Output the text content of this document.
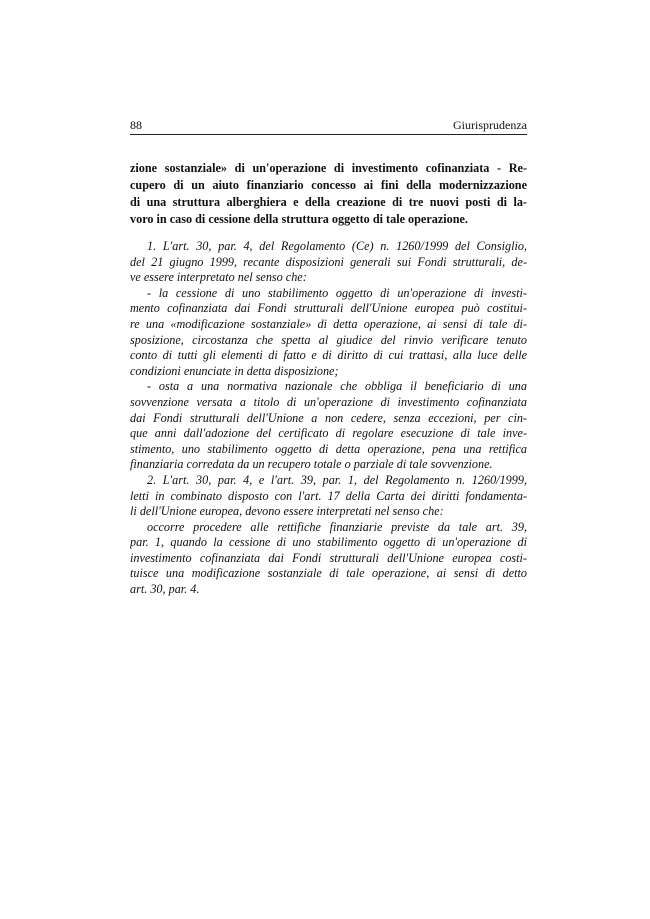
88	Giurisprudenza
zione sostanziale» di un'operazione di investimento cofinanziata - Re-
cupero di un aiuto finanziario concesso ai fini della modernizzazione
di una struttura alberghiera e della creazione di tre nuovi posti di la-
voro in caso di cessione della struttura oggetto di tale operazione.
1. L'art. 30, par. 4, del Regolamento (Ce) n. 1260/1999 del Consiglio,
del 21 giugno 1999, recante disposizioni generali sui Fondi strutturali, de-
ve essere interpretato nel senso che:
- la cessione di uno stabilimento oggetto di un'operazione di investi-
mento cofinanziata dai Fondi strutturali dell'Unione europea può costitui-
re una «modificazione sostanziale» di detta operazione, ai sensi di tale di-
sposizione, circostanza che spetta al giudice del rinvio verificare tenuto
conto di tutti gli elementi di fatto e di diritto di cui trattasi, alla luce delle
condizioni enunciate in detta disposizione;
- osta a una normativa nazionale che obbliga il beneficiario di una
sovvenzione versata a titolo di un'operazione di investimento cofinanziata
dai Fondi strutturali dell'Unione a non cedere, senza eccezioni, per cin-
que anni dall'adozione del certificato di regolare esecuzione di tale inve-
stimento, uno stabilimento oggetto di detta operazione, pena una rettifica
finanziaria corredata da un recupero totale o parziale di tale sovvenzione.
2. L'art. 30, par. 4, e l'art. 39, par. 1, del Regolamento n. 1260/1999,
letti in combinato disposto con l'art. 17 della Carta dei diritti fondamenta-
li dell'Unione europea, devono essere interpretati nel senso che:
occorre procedere alle rettifiche finanziarie previste da tale art. 39,
par. 1, quando la cessione di uno stabilimento oggetto di un'operazione di
investimento cofinanziata dai Fondi strutturali dell'Unione europea costi-
tuisce una modificazione sostanziale di tale operazione, ai sensi di detto
art. 30, par. 4.
